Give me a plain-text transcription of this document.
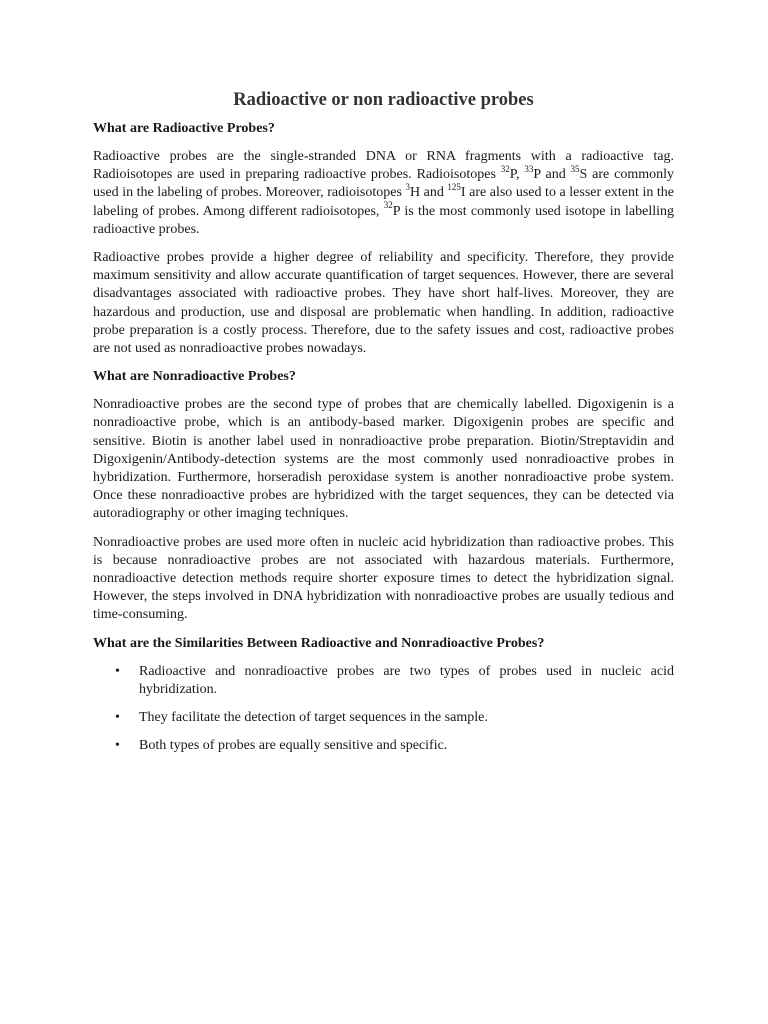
Radioactive or non radioactive probes
What are Radioactive Probes?

Radioactive probes are the single-stranded DNA or RNA fragments with a radioactive tag. Radioisotopes are used in preparing radioactive probes. Radioisotopes $^{32}$P, $^{33}$P and $^{35}$S are commonly used in the labeling of probes. Moreover, radioisotopes $^3$H and $^{125}$I are also used to a lesser extent in the labeling of probes. Among different radioisotopes, $^{32}$P is the most commonly used isotope in labelling radioactive probes.

Radioactive probes provide a higher degree of reliability and specificity. Therefore, they provide maximum sensitivity and allow accurate quantification of target sequences. However, there are several disadvantages associated with radioactive probes. They have short half-lives. Moreover, they are hazardous and production, use and disposal are problematic when handling. In addition, radioactive probe preparation is a costly process. Therefore, due to the safety issues and cost, radioactive probes are not used as nonradioactive probes nowadays.

What are Nonradioactive Probes?

Nonradioactive probes are the second type of probes that are chemically labelled. Digoxigenin is a nonradioactive probe, which is an antibody-based marker. Digoxigenin probes are specific and sensitive. Biotin is another label used in nonradioactive probe preparation. Biotin/Streptavidin and Digoxigenin/Antibody-detection systems are the most commonly used nonradioactive probes in hybridization. Furthermore, horseradish peroxidase system is another nonradioactive probe system. Once these nonradioactive probes are hybridized with the target sequences, they can be detected via autoradiography or other imaging techniques.

Nonradioactive probes are used more often in nucleic acid hybridization than radioactive probes. This is because nonradioactive probes are not associated with hazardous materials. Furthermore, nonradioactive detection methods require shorter exposure times to detect the hybridization signal. However, the steps involved in DNA hybridization with nonradioactive probes are usually tedious and time-consuming.

What are the Similarities Between Radioactive and Nonradioactive Probes?
• Radioactive and nonradioactive probes are two types of probes used in nucleic acid hybridization.
• They facilitate the detection of target sequences in the sample.
• Both types of probes are equally sensitive and specific.
